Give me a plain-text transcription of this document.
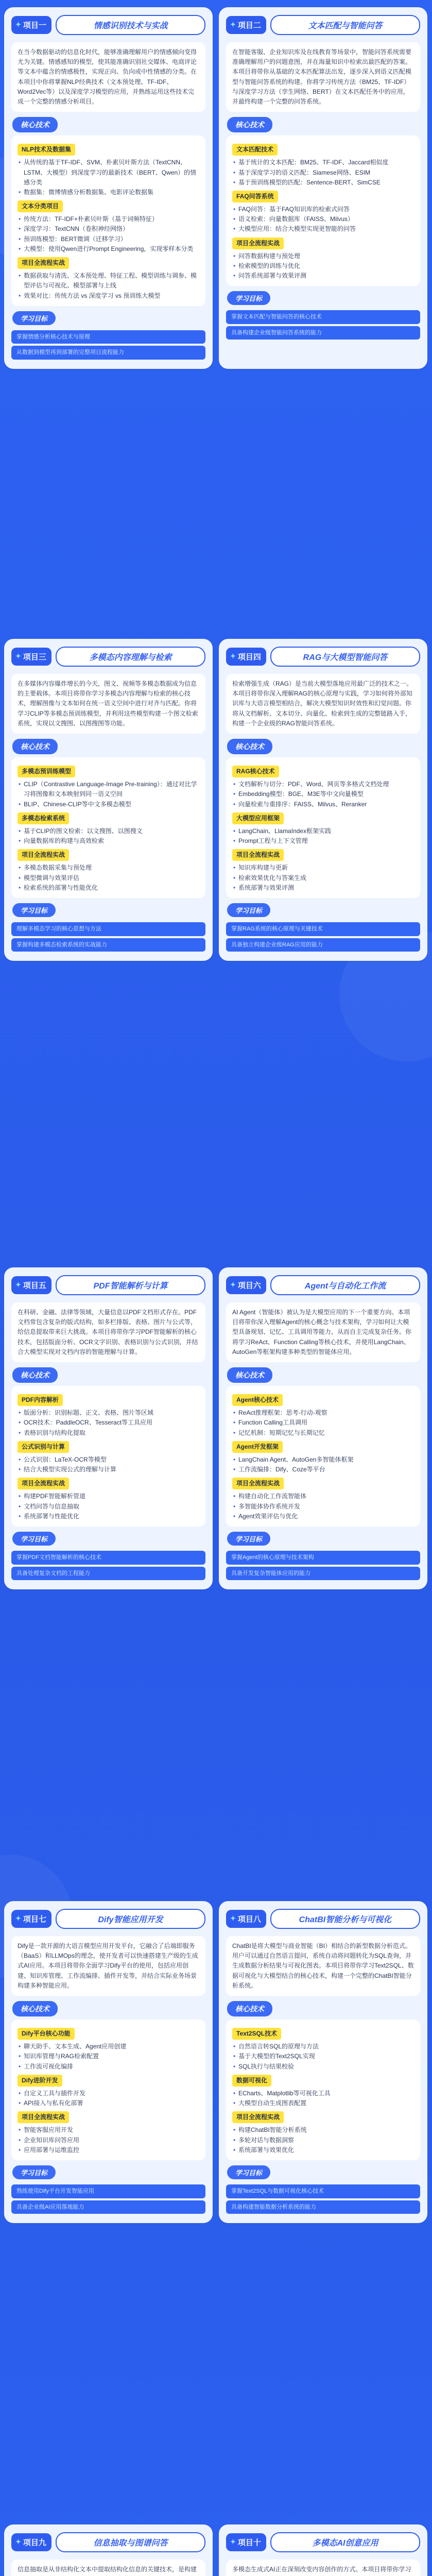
✦ 项目一	情感识别技术与实战
在当今数据驱动的信息化时代，能够准确理解用户的情感倾向变得尤为关键。情感感知的模型，使其能准确识别社交媒体、电商评论等文本中蕴含的情感极性，实现正向、负向或中性情感的分类。在本项目中你将掌握NLP经典技术（文本预处理、TF-IDF、Word2Vec等）以及深度学习模型的应用，并熟练运用这些技术完成一个完整的情感分析项目。
核心技术
NLP技术及数据集
• 从传统的基于TF-IDF、SVM、朴素贝叶斯方法（TextCNN、LSTM、大模型）到深度学习的最新技术（BERT、Qwen）的情感分类
• 数据集：微博情感分析数据集、电影评论数据集
文本分类项目
• 传统方法：TF-IDF+朴素贝叶斯（基于词频特征）
• 深度学习：TextCNN（卷积神经网络）
• 预训练模型：BERT微调（迁移学习）
• 大模型：使用Qwen进行Prompt Engineering，实现零样本分类
项目全流程实战
• 数据获取与清洗、文本预处理、特征工程、模型训练与调参、模型评估与可视化、模型部署与上线
• 效果对比：传统方法 vs 深度学习 vs 预训练大模型
学习目标
掌握情感分析核心技术与原理
从数据到模型再到部署的完整项目流程能力
✦ 项目二	文本匹配与智能问答
在智能客服、企业知识库及在线教育等场景中，智能问答系统需要准确理解用户的问题意图，并在海量知识中检索出最匹配的答案。本项目将带你从基础的文本匹配算法出发，逐步深入到语义匹配模型与智能问答系统的构建。你将学习传统方法（BM25、TF-IDF）与深度学习方法（孪生网络、BERT）在文本匹配任务中的应用，并最终构建一个完整的问答系统。
核心技术
文本匹配技术
• 基于统计的文本匹配：BM25、TF-IDF、Jaccard相似度
• 基于深度学习的语义匹配：Siamese网络、ESIM
• 基于预训练模型的匹配：Sentence-BERT、SimCSE
FAQ问答系统
• FAQ问答：基于FAQ知识库的检索式问答
• 语义检索：向量数据库（FAISS、Milvus）
• 大模型应用：结合大模型实现更智能的问答
项目全流程实战
• 问答数据构建与预处理
• 检索模型的训练与优化
• 问答系统部署与效果评测
学习目标
掌握文本匹配与智能问答的核心技术
具备构建企业级智能问答系统的能力
✦ 项目三	多模态内容理解与检索
在多媒体内容爆炸增长的今天，图文、视频等多模态数据成为信息的主要载体。本项目将带你学习多模态内容理解与检索的核心技术，理解图像与文本如何在统一语义空间中进行对齐与匹配。你将学习CLIP等多模态预训练模型，并利用这些模型构建一个图文检索系统，实现以文搜图、以图搜图等功能。
核心技术
多模态预训练模型
• CLIP（Contrastive Language-Image Pre-training）：通过对比学习将图像和文本映射到同一语义空间
• BLIP、Chinese-CLIP等中文多模态模型
多模态检索系统
• 基于CLIP的图文检索：以文搜图、以图搜文
• 向量数据库的构建与高效检索
项目全流程实战
• 多模态数据采集与预处理
• 模型微调与效果评估
• 检索系统的部署与性能优化
学习目标
理解多模态学习的核心思想与方法
掌握构建多模态检索系统的实战能力
✦ 项目四	RAG与大模型智能问答
检索增强生成（RAG）是当前大模型落地应用最广泛的技术之一。本项目将带你深入理解RAG的核心原理与实践，学习如何将外部知识库与大语言模型相结合，解决大模型知识时效性和幻觉问题。你将从文档解析、文本切分、向量化、检索到生成的完整链路入手，构建一个企业级的RAG智能问答系统。
核心技术
RAG核心技术
• 文档解析与切分：PDF、Word、网页等多格式文档处理
• Embedding模型：BGE、M3E等中文向量模型
• 向量检索与重排序：FAISS、Milvus、Reranker
大模型应用框架
• LangChain、LlamaIndex框架实践
• Prompt工程与上下文管理
项目全流程实战
• 知识库构建与更新
• 检索效果优化与答案生成
• 系统部署与效果评测
学习目标
掌握RAG系统的核心原理与关键技术
具备独立构建企业级RAG应用的能力
✦ 项目五	PDF智能解析与计算
在科研、金融、法律等领域，大量信息以PDF文档形式存在。PDF文档常包含复杂的版式结构，如多栏排版、表格、图片与公式等，给信息提取带来巨大挑战。本项目将带你学习PDF智能解析的核心技术，包括版面分析、OCR文字识别、表格识别与公式识别，并结合大模型实现对文档内容的智能理解与计算。
核心技术
PDF内容解析
• 版面分析：识别标题、正文、表格、图片等区域
• OCR技术：PaddleOCR、Tesseract等工具应用
• 表格识别与结构化提取
公式识别与计算
• 公式识别：LaTeX-OCR等模型
• 结合大模型实现公式的理解与计算
项目全流程实战
• 构建PDF智能解析管道
• 文档问答与信息抽取
• 系统部署与性能优化
学习目标
掌握PDF文档智能解析的核心技术
具备处理复杂文档的工程能力
✦ 项目六	Agent与自动化工作流
AI Agent（智能体）被认为是大模型应用的下一个重要方向。本项目将带你深入理解Agent的核心概念与技术架构，学习如何让大模型具备规划、记忆、工具调用等能力，从而自主完成复杂任务。你将学习ReAct、Function Calling等核心技术，并使用LangChain、AutoGen等框架构建多种类型的智能体应用。
核心技术
Agent核心技术
• ReAct推理框架：思考-行动-观察
• Function Calling工具调用
• 记忆机制：短期记忆与长期记忆
Agent开发框架
• LangChain Agent、AutoGen多智能体框架
• 工作流编排：Dify、Coze等平台
项目全流程实战
• 构建自动化工作流智能体
• 多智能体协作系统开发
• Agent效果评估与优化
学习目标
掌握Agent的核心原理与技术架构
具备开发复杂智能体应用的能力
✦ 项目七	Dify智能应用开发
Dify是一款开源的大语言模型应用开发平台，它融合了后端即服务（BaaS）和LLMOps的理念，使开发者可以快速搭建生产级的生成式AI应用。本项目将带你全面学习Dify平台的使用，包括应用创建、知识库管理、工作流编排、插件开发等，并结合实际业务场景构建多种智能应用。
核心技术
Dify平台核心功能
• 聊天助手、文本生成、Agent应用创建
• 知识库管理与RAG检索配置
• 工作流可视化编排
Dify进阶开发
• 自定义工具与插件开发
• API接入与私有化部署
项目全流程实战
• 智能客服应用开发
• 企业知识库问答应用
• 应用部署与运维监控
学习目标
熟练使用Dify平台开发智能应用
具备企业级AI应用落地能力
✦ 项目八	ChatBI智能分析与可视化
ChatBI是将大模型与商业智能（BI）相结合的新型数据分析范式。用户可以通过自然语言提问，系统自动将问题转化为SQL查询，并生成数据分析结果与可视化图表。本项目将带你学习Text2SQL、数据可视化与大模型结合的核心技术，构建一个完整的ChatBI智能分析系统。
核心技术
Text2SQL技术
• 自然语言转SQL的原理与方法
• 基于大模型的Text2SQL实现
• SQL执行与结果校验
数据可视化
• ECharts、Matplotlib等可视化工具
• 大模型自动生成图表配置
项目全流程实战
• 构建ChatBI智能分析系统
• 多轮对话与数据洞察
• 系统部署与效果优化
学习目标
掌握Text2SQL与数据可视化核心技术
具备构建智能数据分析系统的能力
✦ 项目九	信息抽取与图谱问答
信息抽取是从非结构化文本中提取结构化信息的关键技术，是构建
✦ 项目十	多模态AI创意应用
多模态生成式AI正在深刻改变内容创作的方式。本项目将带你学习
